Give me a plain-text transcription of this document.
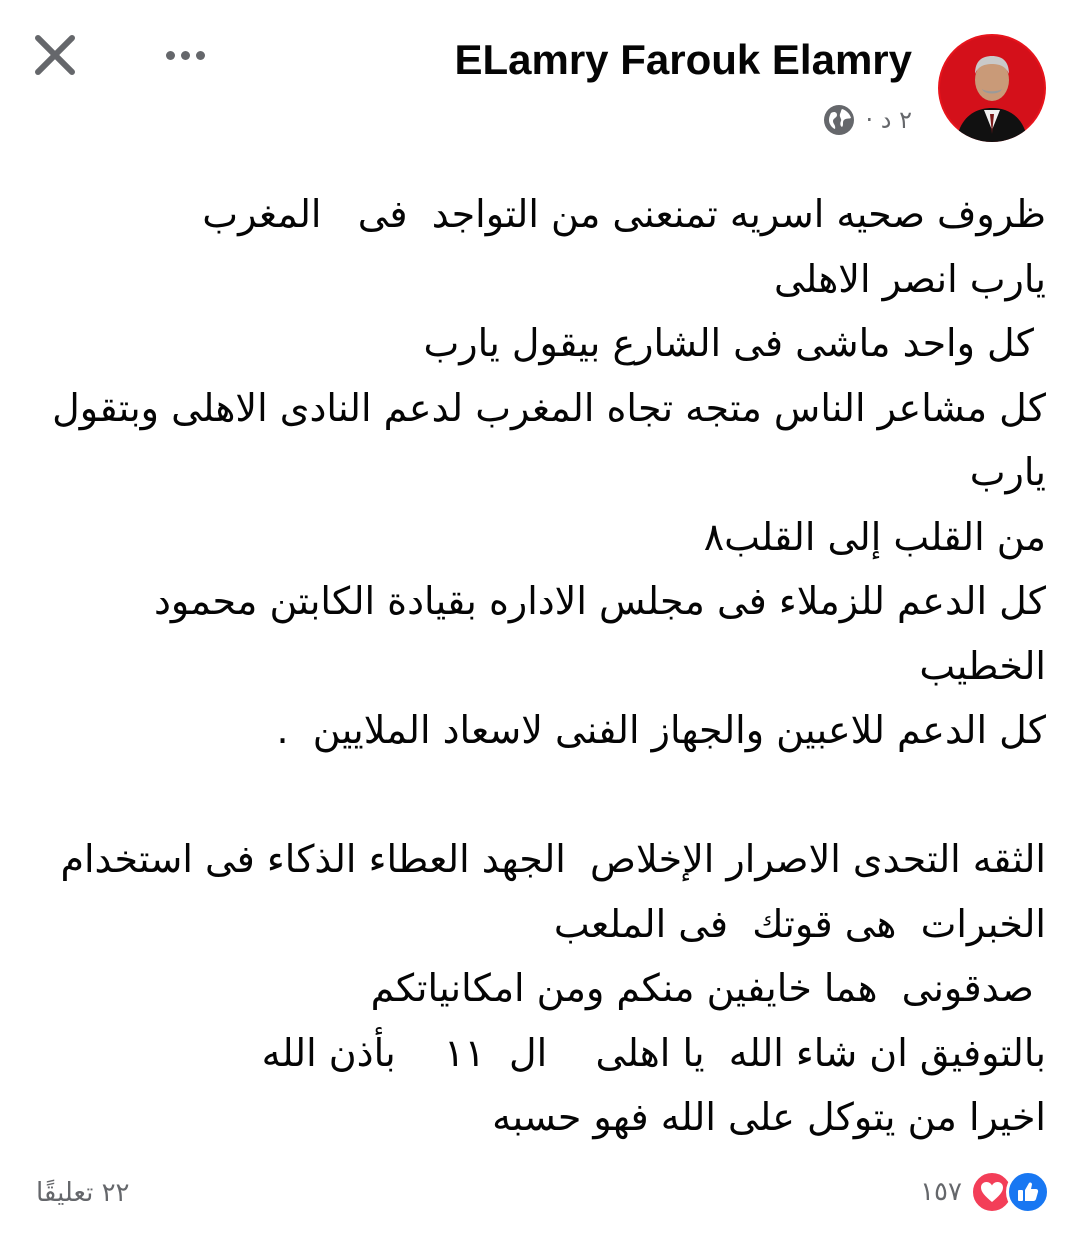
ELamry Farouk Elamry
٢ د ·
ظروف صحيه اسريه تمنعنى من التواجد  فى   المغرب
يارب انصر الاهلى
كل واحد ماشى فى الشارع بيقول يارب
كل مشاعر الناس متجه تجاه المغرب لدعم النادى الاهلى وبتقول
يارب
من القلب إلى القلب٨
كل الدعم للزملاء فى مجلس الاداره بقيادة الكابتن محمود
الخطيب
كل الدعم للاعبين والجهاز الفنى لاسعاد الملايين  .
الثقه التحدى الاصرار الإخلاص  الجهد العطاء الذكاء فى استخدام
الخبرات  هى قوتك  فى الملعب
صدقونى  هما خايفين منكم ومن امكانياتكم
بالتوفيق ان شاء الله  يا اهلى    ال  ١١    بأذن الله
اخيرا من يتوكل على الله فهو حسبه
٢٢ تعليقًا	١٥٧
